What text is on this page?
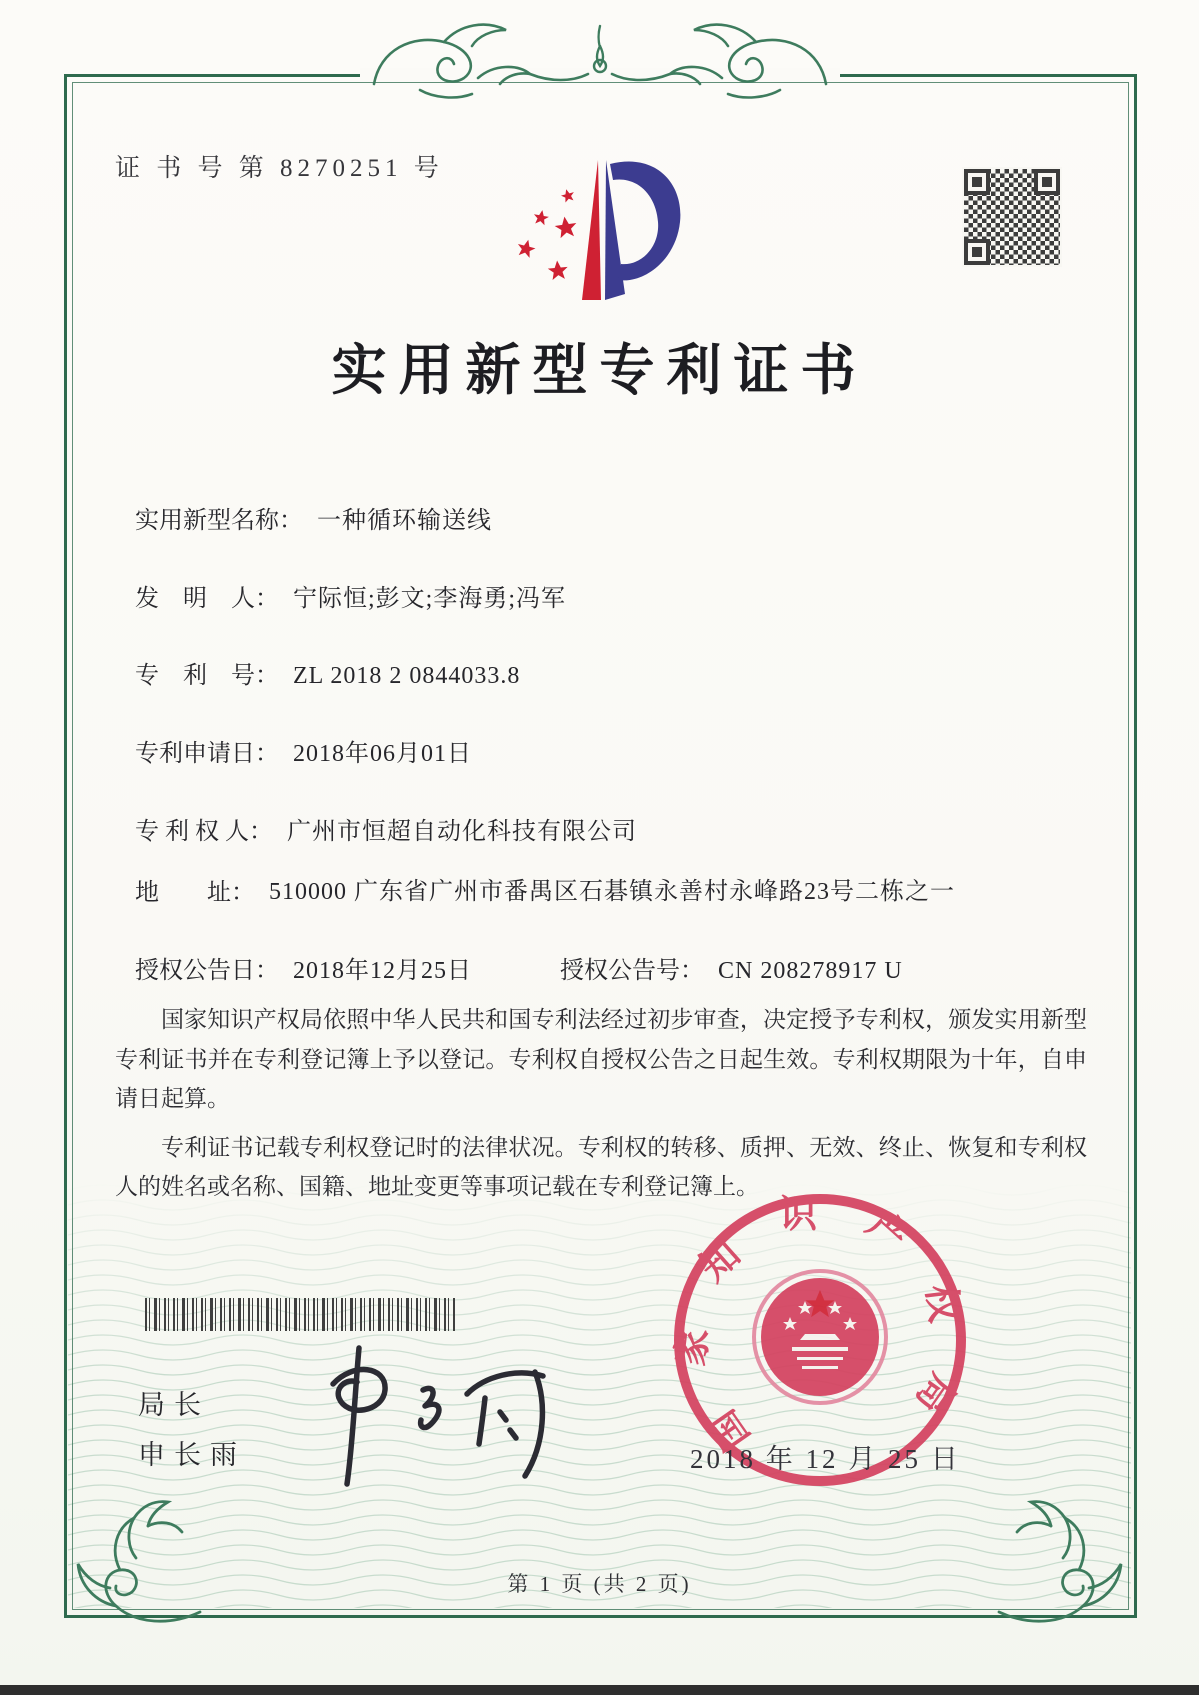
证 书 号 第 8270251 号
实用新型专利证书
实用新型名称： 一种循环输送线
发　明　人： 宁际恒;彭文;李海勇;冯军
专　利　号： ZL 2018 2 0844033.8
专利申请日： 2018年06月01日
专 利 权 人： 广州市恒超自动化科技有限公司
地　　址： 510000 广东省广州市番禺区石碁镇永善村永峰路23号二栋之一
授权公告日： 2018年12月25日	授权公告号： CN 208278917 U

国家知识产权局依照中华人民共和国专利法经过初步审查，决定授予专利权，颁发实用新型专利证书并在专利登记簿上予以登记。专利权自授权公告之日起生效。专利权期限为十年，自申请日起算。

专利证书记载专利权登记时的法律状况。专利权的转移、质押、无效、终止、恢复和专利权人的姓名或名称、国籍、地址变更等事项记载在专利登记簿上。

局长
申长雨	国家知识产权局
2018 年 12 月 25 日
第 1 页 (共 2 页)
